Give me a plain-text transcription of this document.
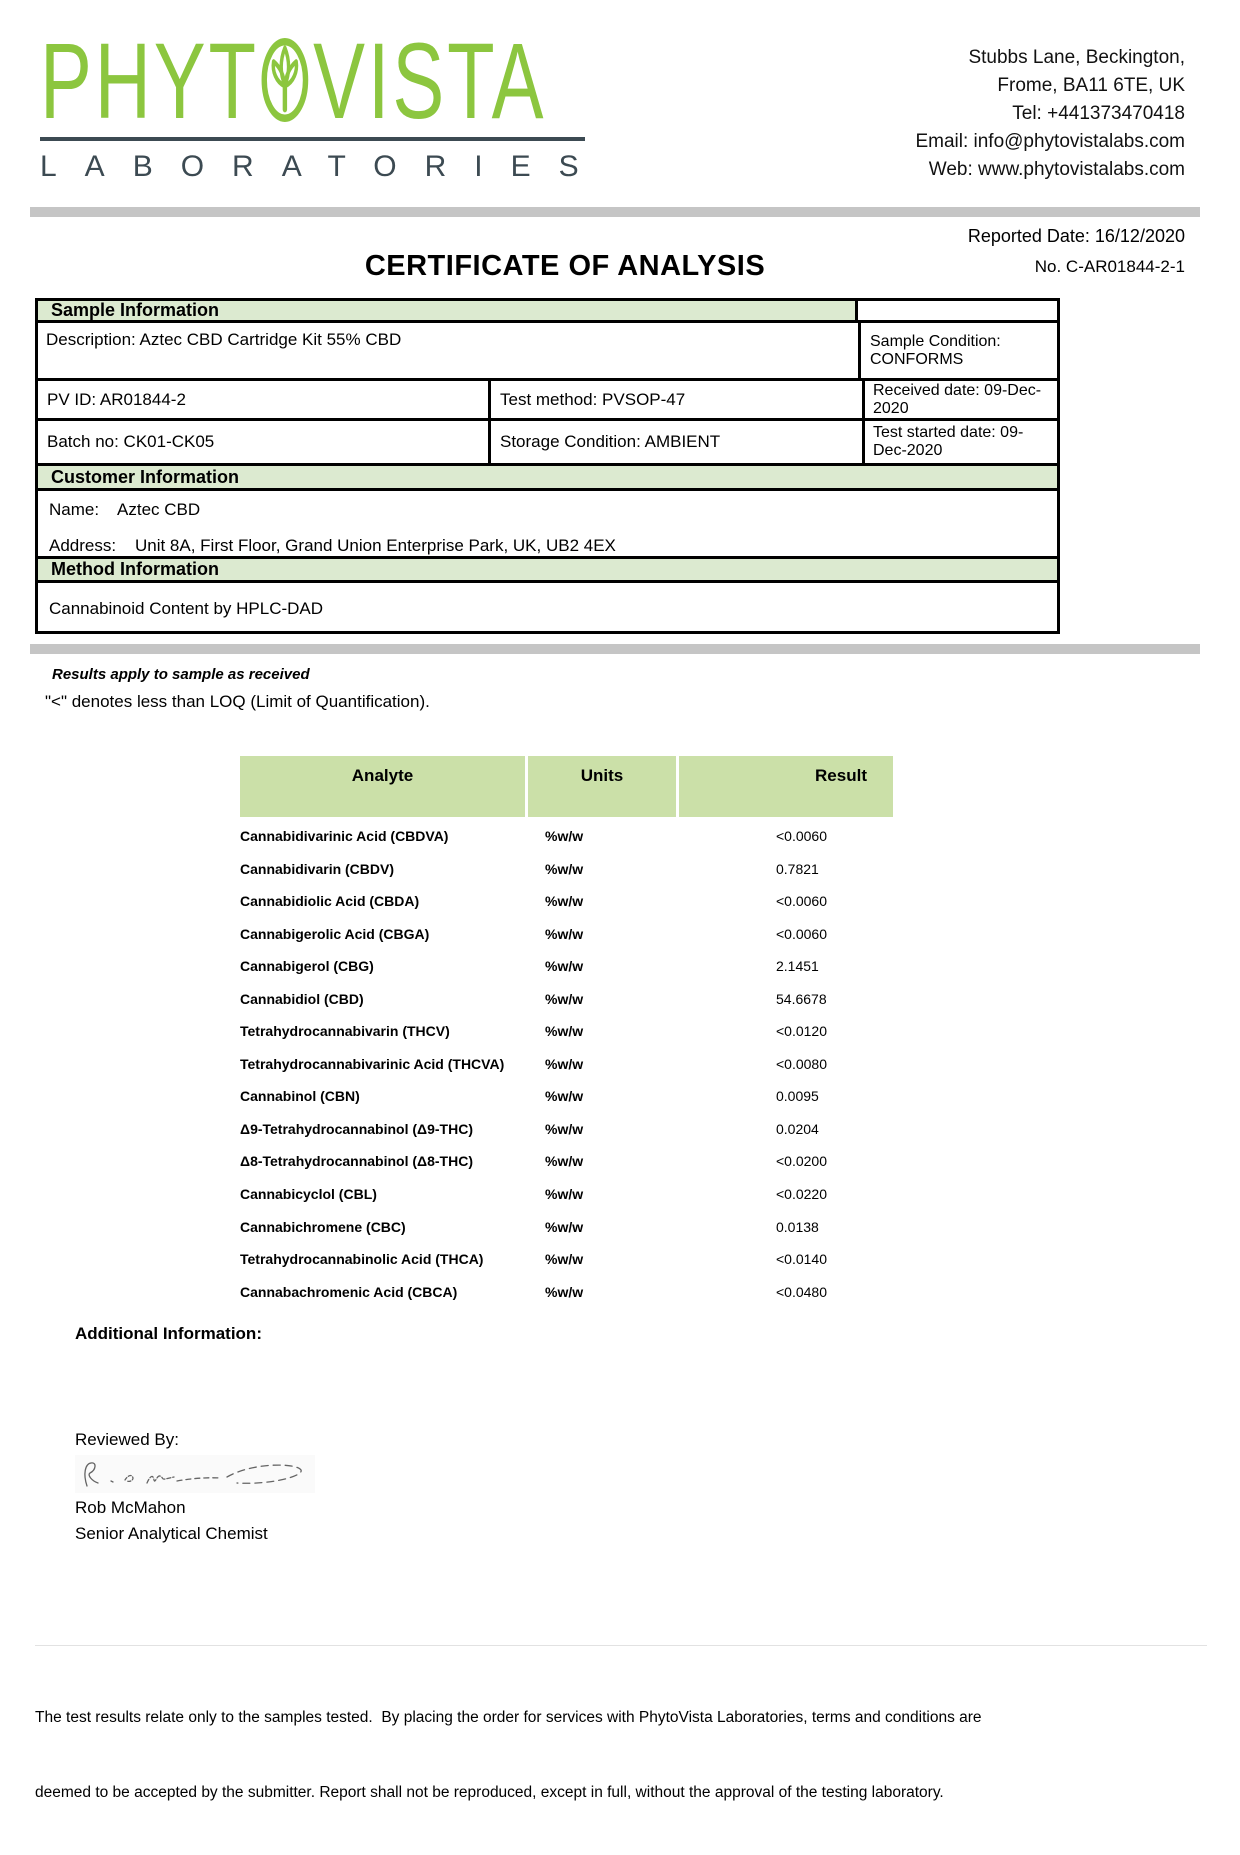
PHYT VISTA
LABORATORIES
Stubbs Lane, Beckington,
Frome, BA11 6TE, UK
Tel: +441373470418
Email: info@phytovistalabs.com
Web: www.phytovistalabs.com
Reported Date: 16/12/2020
CERTIFICATE OF ANALYSIS	No. C-AR01844-2-1
Sample Information
Description: Aztec CBD Cartridge Kit 55% CBD	Sample Condition: CONFORMS
PV ID: AR01844-2	Test method: PVSOP-47	Received date: 09-Dec-2020
Batch no: CK01-CK05	Storage Condition: AMBIENT	Test started date: 09-Dec-2020
Customer Information
Name:    Aztec CBD
Address:    Unit 8A, First Floor, Grand Union Enterprise Park, UK, UB2 4EX
Method Information
Cannabinoid Content by HPLC-DAD
Results apply to sample as received
"<" denotes less than LOQ (Limit of Quantification).
Analyte	Units	Result
Cannabidivarinic Acid (CBDVA)	%w/w	<0.0060
Cannabidivarin (CBDV)	%w/w	0.7821
Cannabidiolic Acid (CBDA)	%w/w	<0.0060
Cannabigerolic Acid (CBGA)	%w/w	<0.0060
Cannabigerol (CBG)	%w/w	2.1451
Cannabidiol (CBD)	%w/w	54.6678
Tetrahydrocannabivarin (THCV)	%w/w	<0.0120
Tetrahydrocannabivarinic Acid (THCVA)	%w/w	<0.0080
Cannabinol (CBN)	%w/w	0.0095
Δ9-Tetrahydrocannabinol (Δ9-THC)	%w/w	0.0204
Δ8-Tetrahydrocannabinol (Δ8-THC)	%w/w	<0.0200
Cannabicyclol (CBL)	%w/w	<0.0220
Cannabichromene (CBC)	%w/w	0.0138
Tetrahydrocannabinolic Acid (THCA)	%w/w	<0.0140
Cannabachromenic Acid (CBCA)	%w/w	<0.0480
Additional Information:
Reviewed By:
Rob McMahon
Senior Analytical Chemist

The test results relate only to the samples tested.  By placing the order for services with PhytoVista Laboratories, terms and conditions are

deemed to be accepted by the submitter. Report shall not be reproduced, except in full, without the approval of the testing laboratory.
